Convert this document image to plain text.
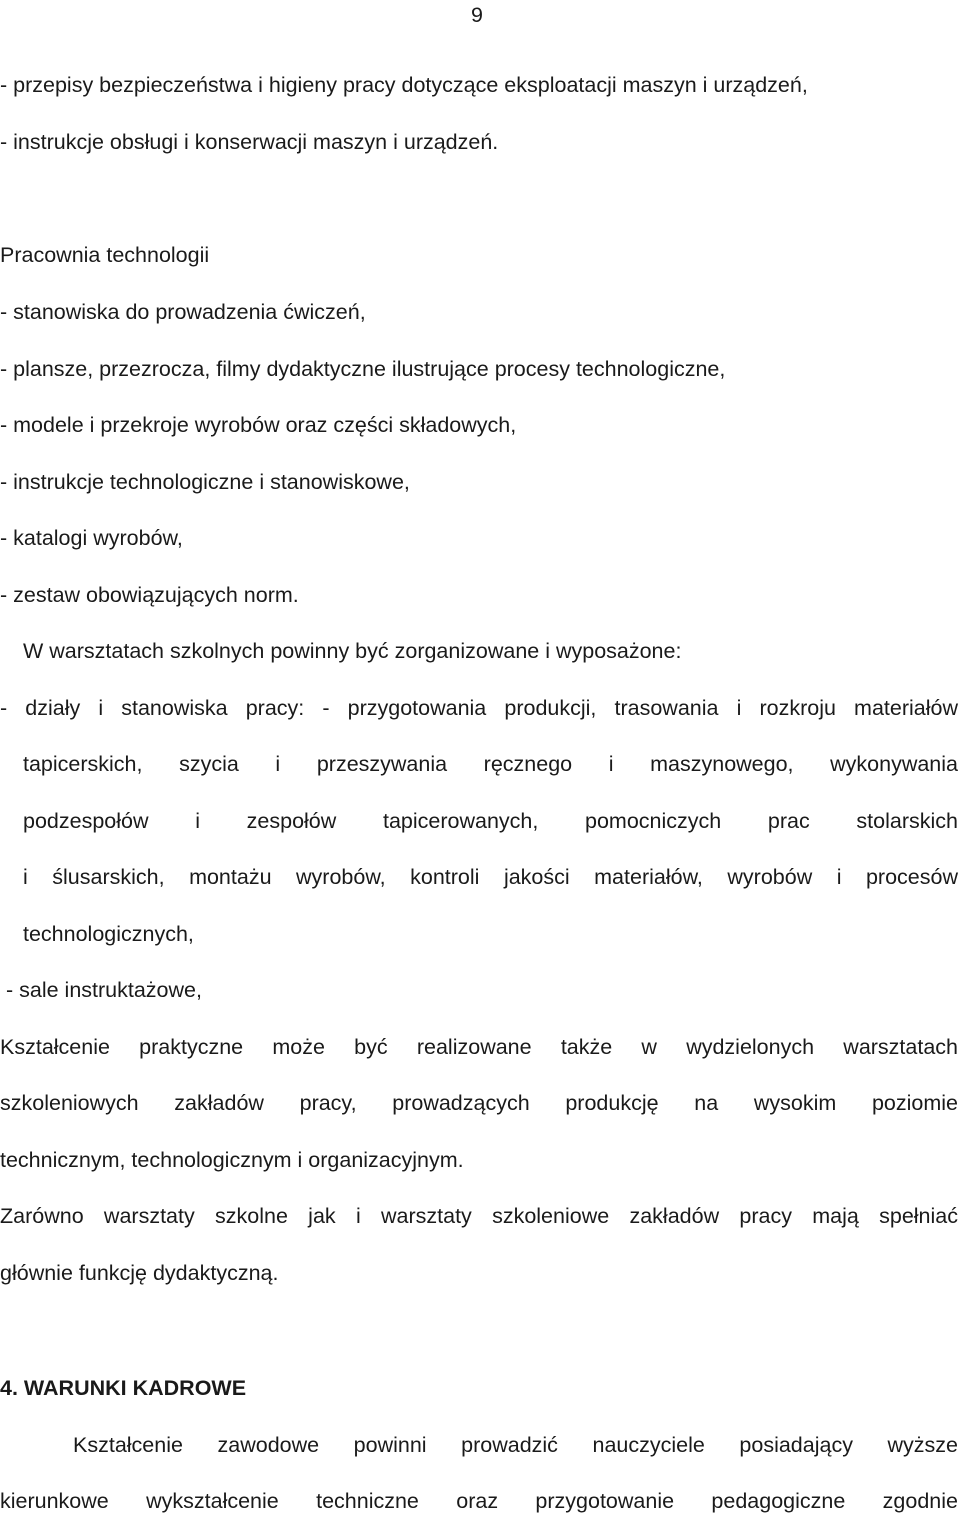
9
- przepisy bezpieczeństwa i higieny pracy dotyczące eksploatacji maszyn i urządzeń,
- instrukcje obsługi i konserwacji maszyn i urządzeń.
Pracownia technologii
- stanowiska do prowadzenia ćwiczeń,
- plansze, przezrocza, filmy dydaktyczne ilustrujące procesy technologiczne,
- modele i przekroje wyrobów oraz części składowych,
- instrukcje technologiczne i stanowiskowe,
- katalogi wyrobów,
- zestaw obowiązujących norm.
W warsztatach szkolnych powinny być zorganizowane i wyposażone:
- działy i stanowiska pracy: - przygotowania produkcji, trasowania i rozkroju materiałów
tapicerskich, szycia i przeszywania ręcznego i maszynowego, wykonywania
podzespołów i zespołów tapicerowanych, pomocniczych prac stolarskich
i ślusarskich, montażu wyrobów, kontroli jakości materiałów, wyrobów i procesów
technologicznych,
- sale instruktażowe,
Kształcenie praktyczne może być realizowane także w wydzielonych warsztatach
szkoleniowych zakładów pracy, prowadzących produkcję na wysokim poziomie
technicznym, technologicznym i organizacyjnym.
Zarówno warsztaty szkolne jak i warsztaty szkoleniowe zakładów pracy mają spełniać
głównie funkcję dydaktyczną.
4. WARUNKI KADROWE
Kształcenie zawodowe powinni prowadzić nauczyciele posiadający wyższe
kierunkowe wykształcenie techniczne oraz przygotowanie pedagogiczne zgodnie
